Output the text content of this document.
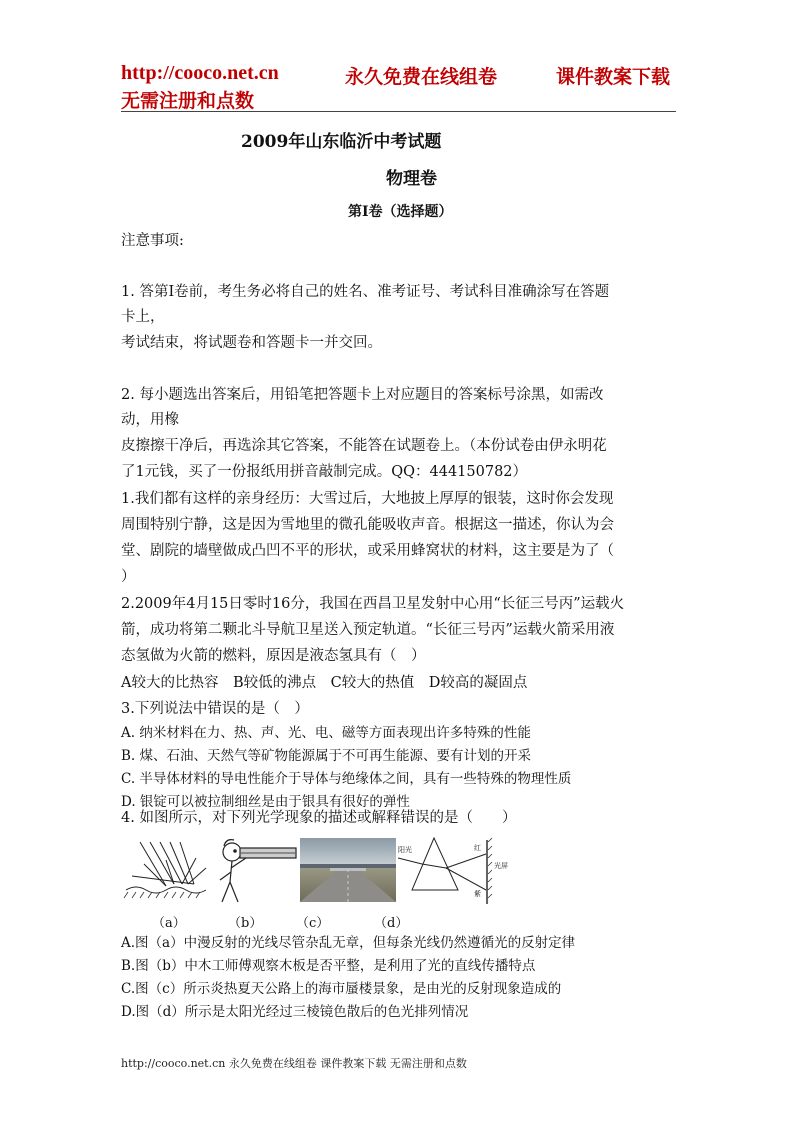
http://cooco.net.cn	永久免费在线组卷	课件教案下载
无需注册和点数
2009年山东临沂中考试题
物理卷
第Ⅰ卷（选择题）
注意事项:
1. 答第Ⅰ卷前，考生务必将自己的姓名、准考证号、考试科目准确涂写在答题
卡上，
考试结束，将试题卷和答题卡一并交回。
2. 每小题选出答案后，用铅笔把答题卡上对应题目的答案标号涂黑，如需改
动，用橡
皮擦擦干净后，再选涂其它答案，不能答在试题卷上。（本份试卷由伊永明花
了1元钱，买了一份报纸用拼音敲制完成。QQ：444150782）
1.我们都有这样的亲身经历：大雪过后，大地披上厚厚的银装，这时你会发现
周围特别宁静，这是因为雪地里的微孔能吸收声音。根据这一描述，你认为会
堂、剧院的墙壁做成凸凹不平的形状，或采用蜂窝状的材料，这主要是为了（
）
2.2009年4月15日零时16分，我国在西昌卫星发射中心用“长征三号丙”运载火
箭，成功将第二颗北斗导航卫星送入预定轨道。“长征三号丙”运载火箭采用液
态氢做为火箭的燃料，原因是液态氢具有（　）
A较大的比热容　B较低的沸点　C较大的热值　D较高的凝固点
3.下列说法中错误的是（　）
A. 纳米材料在力、热、声、光、电、磁等方面表现出许多特殊的性能
B. 煤、石油、天然气等矿物能源属于不可再生能源、要有计划的开采
C. 半导体材料的导电性能介于导体与绝缘体之间，具有一些特殊的物理性质
D. 银锭可以被拉制细丝是由于银具有很好的弹性
4. 如图所示，对下列光学现象的描述或解释错误的是（　　）
阳光	红
紫
光屏
（a）	（b）	（c）	（d）
A.图（a）中漫反射的光线尽管杂乱无章，但每条光线仍然遵循光的反射定律
B.图（b）中木工师傅观察木板是否平整，是利用了光的直线传播特点
C.图（c）所示炎热夏天公路上的海市蜃楼景象，是由光的反射现象造成的
D.图（d）所示是太阳光经过三棱镜色散后的色光排列情况
http://cooco.net.cn 永久免费在线组卷 课件教案下载 无需注册和点数
